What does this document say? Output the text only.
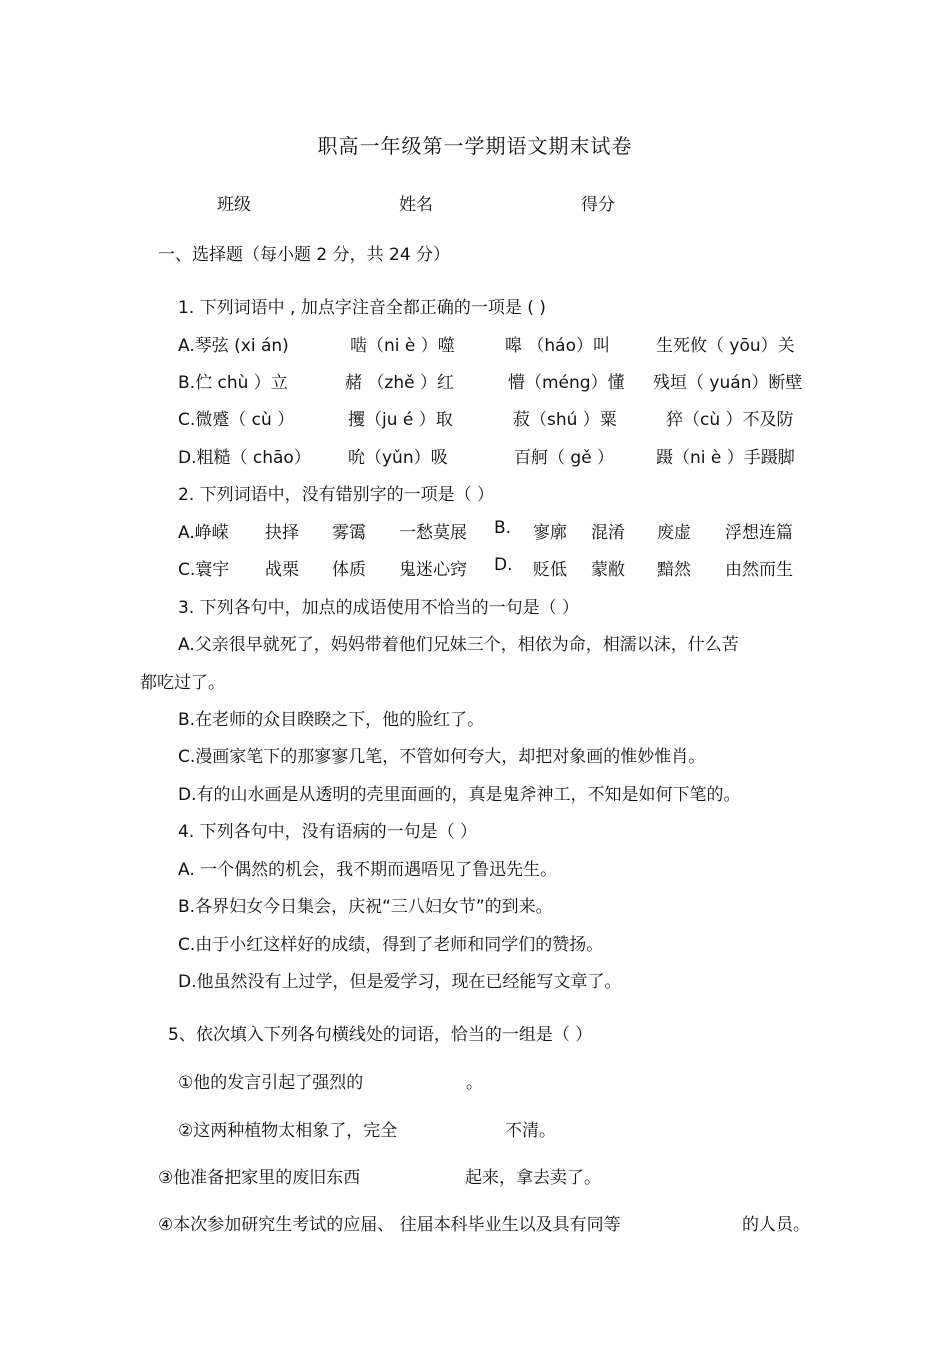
职高一年级第一学期语文期末试卷
班级	姓名	得分
一、选择题（每小题 2 分，共 24 分）
1. 下列词语中 , 加点字注音全都正确的一项是 ( )
A.琴弦 (xi án)	啮（ni è ）噬	嗥 （háo）叫	生死攸（ yōu）关
B.伫 chù ）立	赭 （zhě ）红	懵（méng）懂 残垣（ yuán）断壁
C.微蹙（ cù ）	攫（ju é ）取	菽（shú ）粟	猝（cù ）不及防
D.粗糙（ chāo） 吮（yǔn）吸	百舸（ gě ） 蹑（ni è ）手蹑脚
2. 下列词语中，没有错别字的一项是（ ）
A.峥嵘 抉择 雾霭 一愁莫展 B. 寥廓 混淆 废虚 浮想连篇
C.寰宇 战栗 体质 鬼迷心窍 D. 贬低 蒙敝 黯然 由然而生
3. 下列各句中，加点的成语使用不恰当的一句是（ ）
A.父亲很早就死了，妈妈带着他们兄妹三个，相依为命，相濡以沫，什么苦
都吃过了。
B.在老师的众目睽睽之下，他的脸红了。
C.漫画家笔下的那寥寥几笔，不管如何夸大，却把对象画的惟妙惟肖。
D.有的山水画是从透明的壳里面画的，真是鬼斧神工，不知是如何下笔的。
4. 下列各句中，没有语病的一句是（ ）
A. 一个偶然的机会，我不期而遇唔见了鲁迅先生。
B.各界妇女今日集会，庆祝“三八妇女节”的到来。
C.由于小红这样好的成绩，得到了老师和同学们的赞扬。
D.他虽然没有上过学，但是爱学习，现在已经能写文章了。
5、依次填入下列各句横线处的词语，恰当的一组是（ ）
①他的发言引起了强烈的	。
②这两种植物太相象了，完全	不清。
③他准备把家里的废旧东西	起来，拿去卖了。
④本次参加研究生考试的应届、 往届本科毕业生以及具有同等	的人员。
